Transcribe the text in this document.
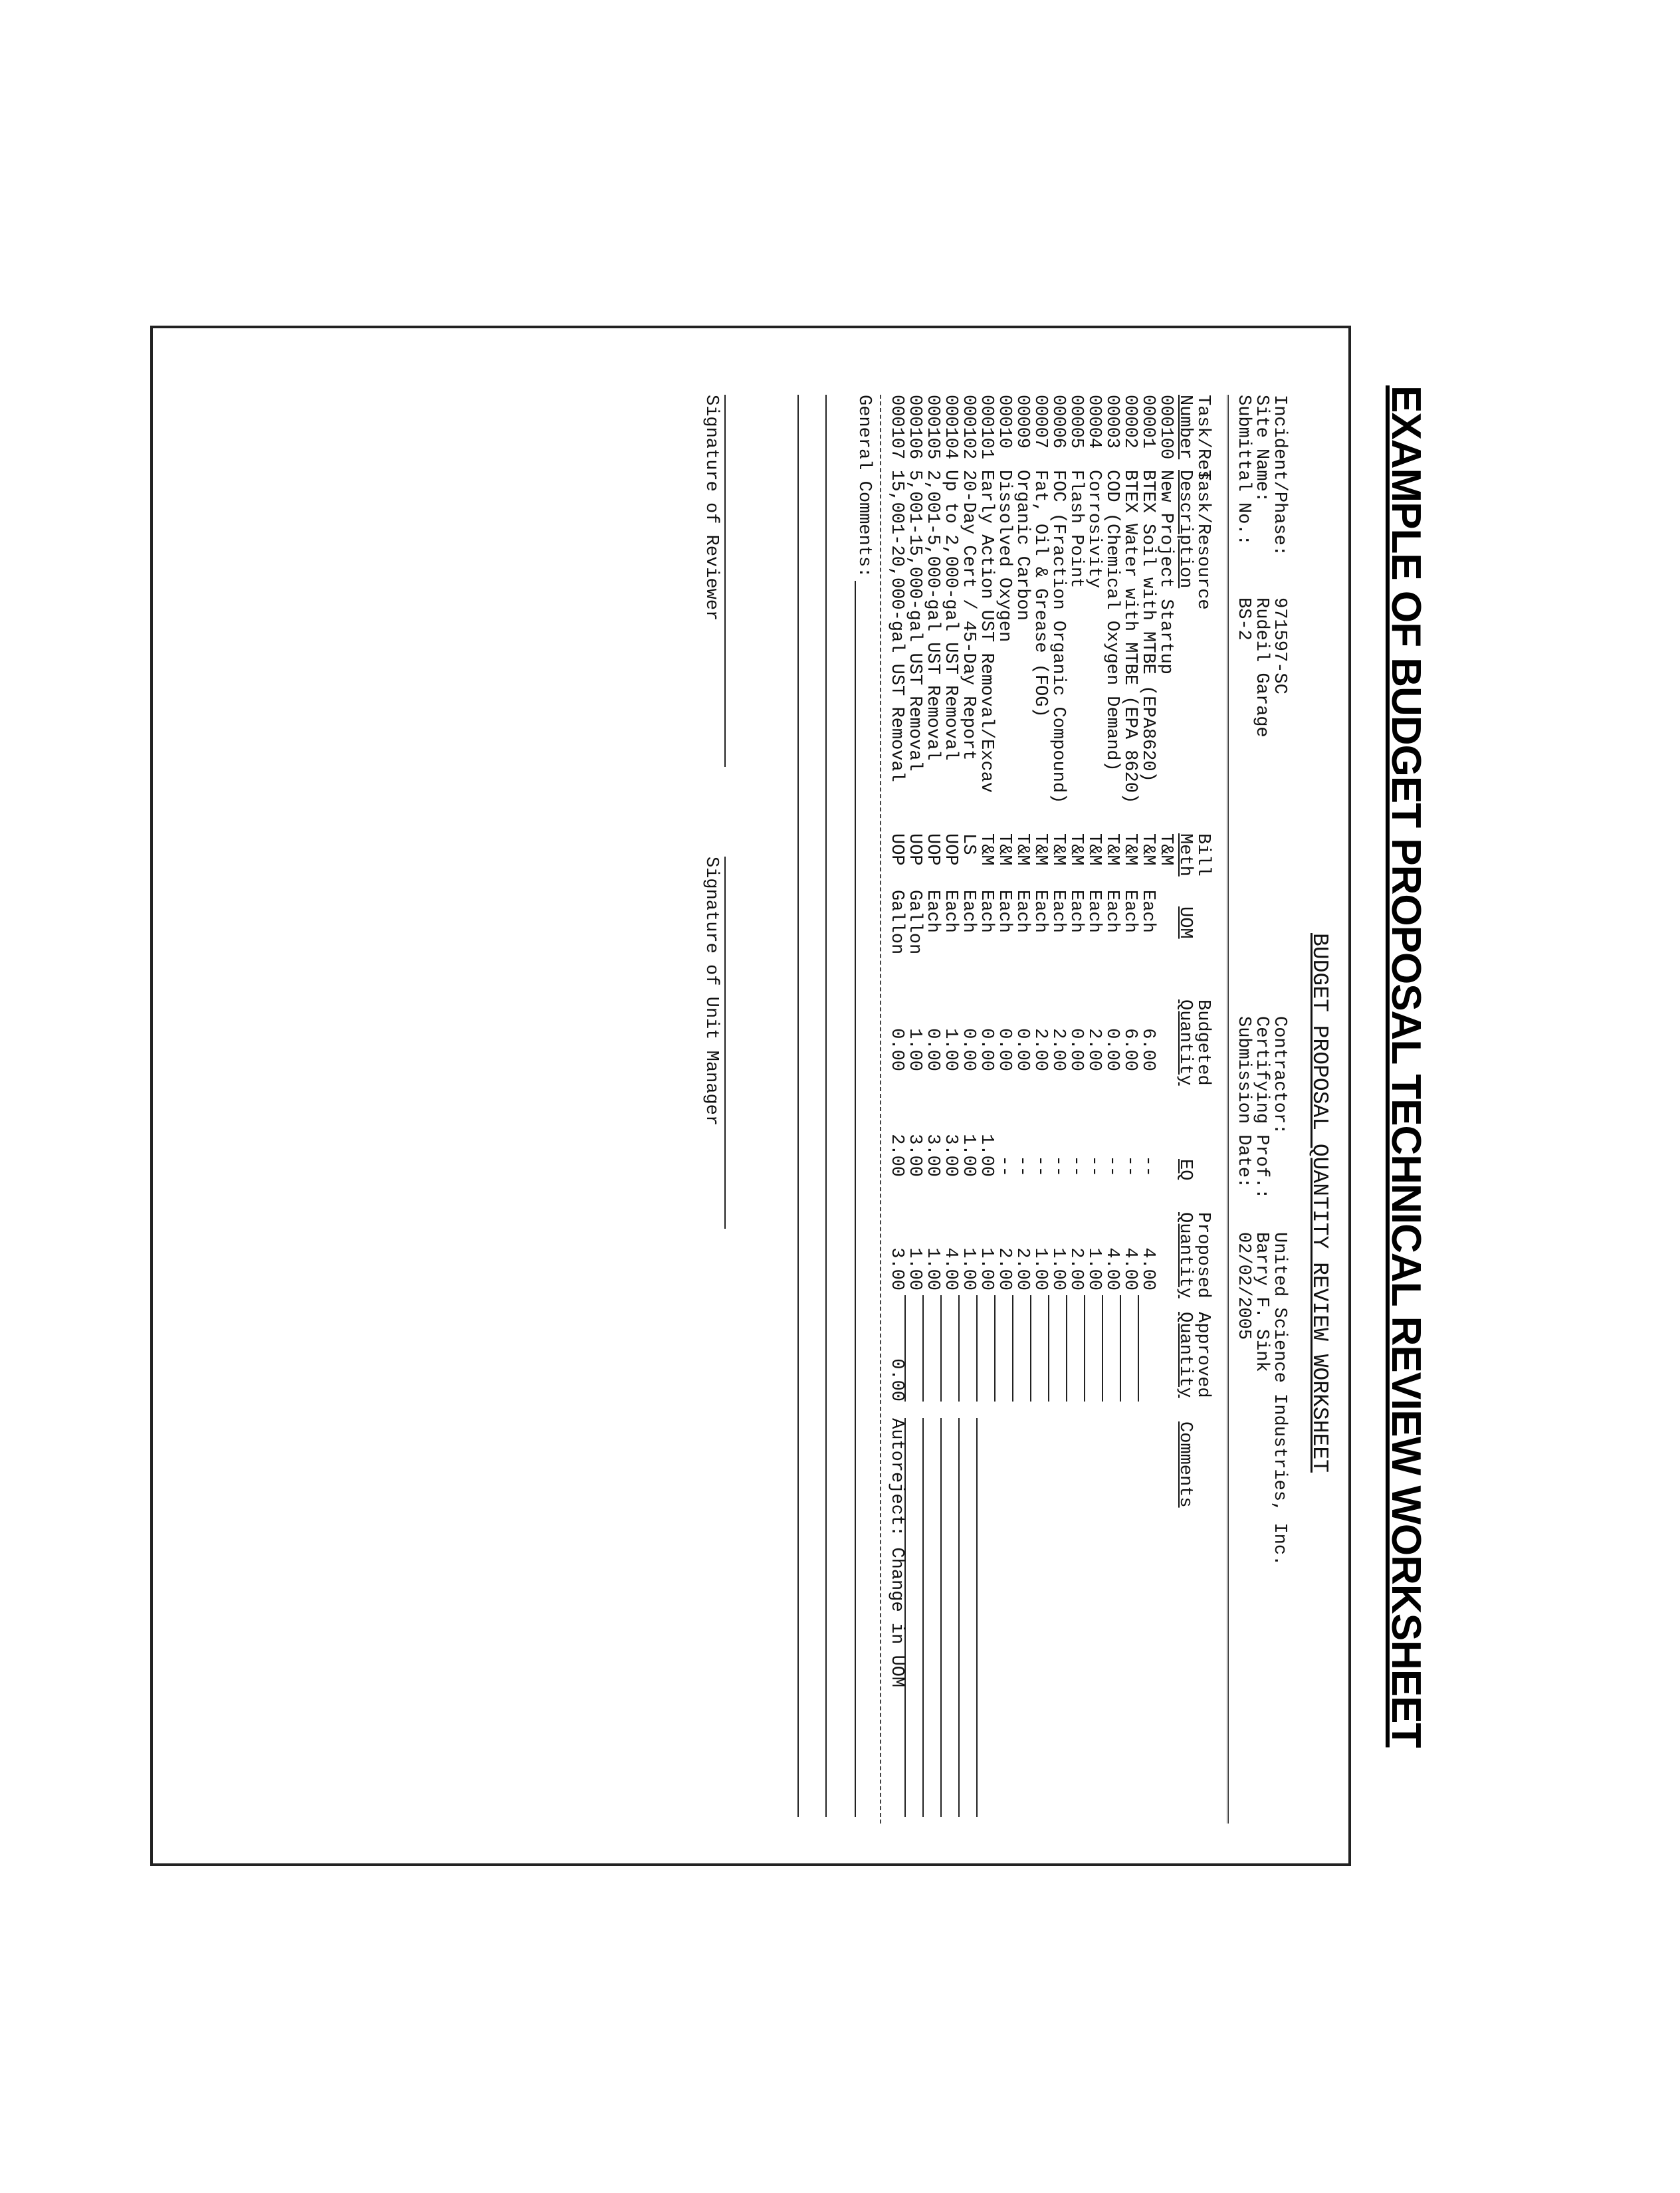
EXAMPLE OF BUDGET PROPOSAL TECHNICAL REVIEW WORKSHEET
BUDGET PROPOSAL QUANTITY REVIEW WORKSHEET
Incident/Phase:
971597-SC
Site Name:
Rudeil Garage
Submittal No.:
BS-2
Contractor:
United Science Industries, Inc.
Certifying Prof.:
Barry F. Sink
Submission Date:
02/02/2005
Task/Res
Number
Task/Resource
Description
Bill
Meth
UOM
Budgeted
Quantity
EQ
Proposed
Quantity
Approved
Quantity
Comments
000100
New Project Startup
T&M
00001
BTEX Soil with MTBE (EPA8620)
T&M
Each
6.00
--
4.00
00002
BTEX Water with MTBE (EPA 8620)
T&M
Each
6.00
--
4.00
00003
COD (Chemical Oxygen Demand)
T&M
Each
0.00
--
4.00
00004
Corrosivity
T&M
Each
2.00
--
1.00
00005
Flash Point
T&M
Each
0.00
--
2.00
00006
FOC (Fraction Organic Compound)
T&M
Each
2.00
--
1.00
00007
Fat, Oil & Grease (FOG)
T&M
Each
2.00
--
1.00
00009
Organic Carbon
T&M
Each
0.00
--
2.00
00010
Dissolved Oxygen
T&M
Each
0.00
--
2.00
000101
Early Action UST Removal/Excav
T&M
Each
0.00
1.00
1.00
000102
20-Day Cert / 45-Day Report
LS
Each
0.00
1.00
1.00
000104
Up to 2,000-gal UST Removal
UOP
Each
1.00
3.00
4.00
000105
2,001-5,000-gal UST Removal
UOP
Each
0.00
3.00
1.00
000106
5,001-15,000-gal UST Removal
UOP
Gallon
1.00
3.00
1.00
000107
15,001-20,000-gal UST Removal
UOP
Gallon
0.00
2.00
3.00
0.00
Autoreject: Change in UOM
General Comments:
Signature of Reviewer
Signature of Unit Manager
